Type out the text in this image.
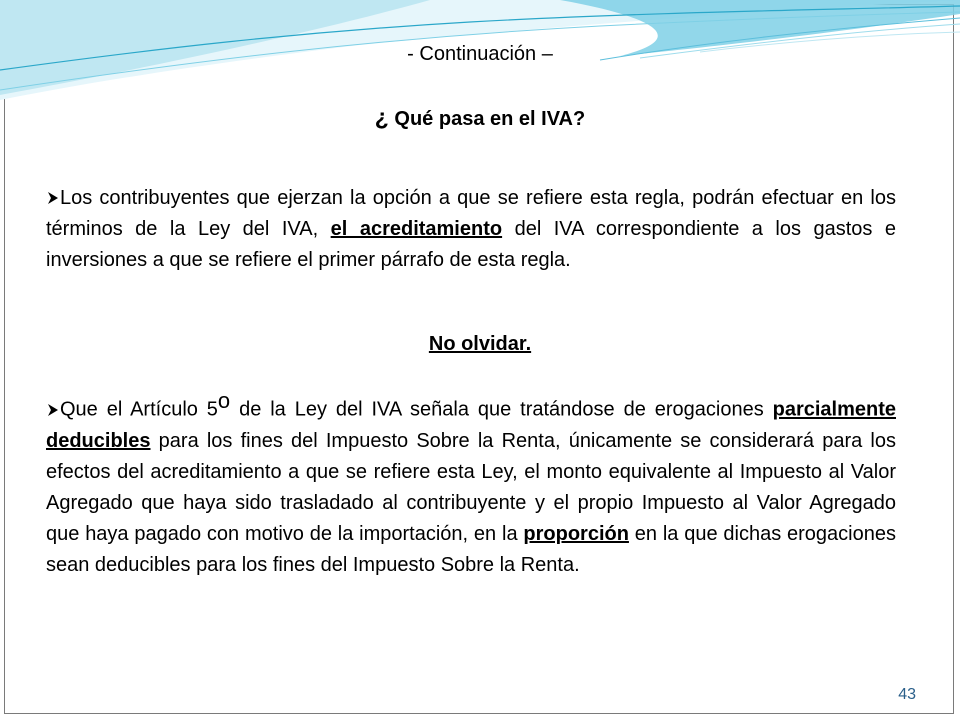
- Continuación –

¿ Qué pasa en el IVA?

Los contribuyentes que ejerzan la opción a que se refiere esta regla, podrán efectuar en los términos de la Ley del IVA, el acreditamiento del IVA correspondiente a los gastos e inversiones a que se refiere el primer párrafo de esta regla.

No olvidar.

Que el Artículo 5$^o$ de la Ley del IVA señala que tratándose de erogaciones parcialmente deducibles para los fines del Impuesto Sobre la Renta, únicamente se considerará para los efectos del acreditamiento a que se refiere esta Ley, el monto equivalente al Impuesto al Valor Agregado que haya sido trasladado al contribuyente y el propio Impuesto al Valor Agregado que haya pagado con motivo de la importación, en la proporción en la que dichas erogaciones sean deducibles para los fines del Impuesto Sobre la Renta.

43
